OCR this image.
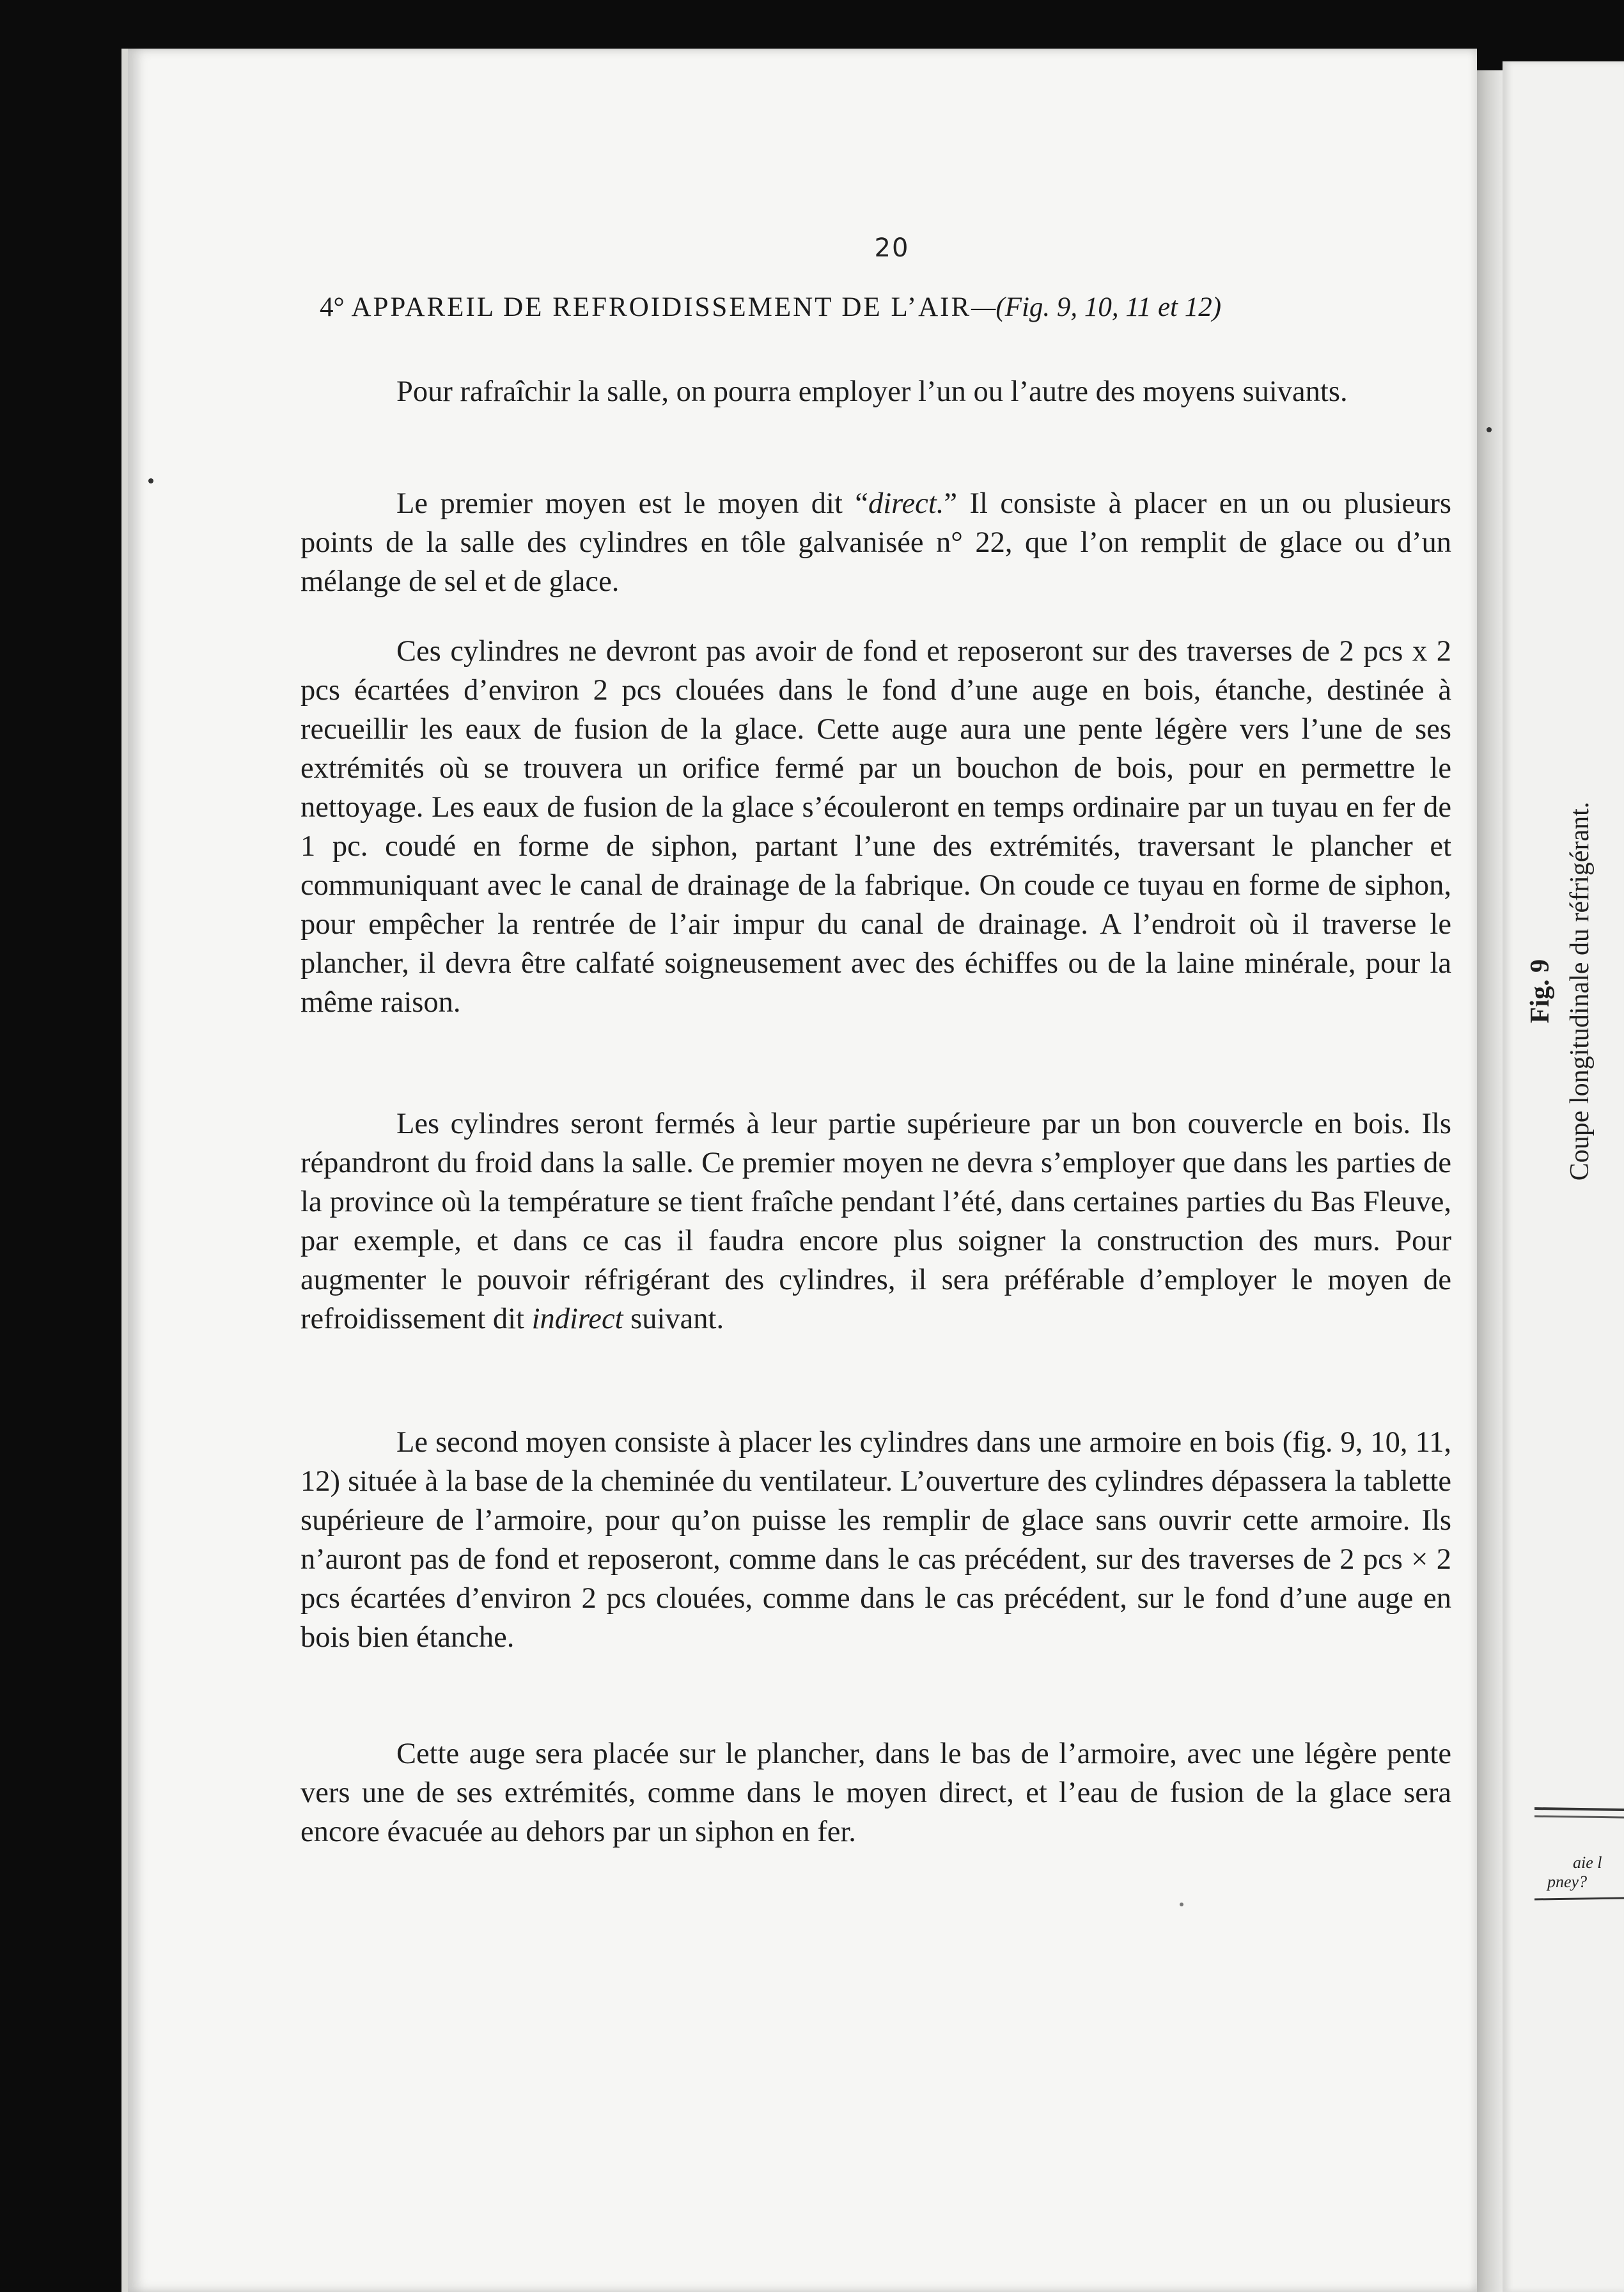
20
4° APPAREIL DE REFROIDISSEMENT DE L’AIR—(Fig. 9, 10, 11 et 12)

Pour rafraîchir la salle, on pourra employer l’un ou l’autre des moyens suivants.

Le premier moyen est le moyen dit “direct.” Il consiste à placer en un ou plusieurs points de la salle des cylindres en tôle galvanisée n° 22, que l’on remplit de glace ou d’un mélange de sel et de glace.

Ces cylindres ne devront pas avoir de fond et reposeront sur des traverses de 2 pcs x 2 pcs écartées d’environ 2 pcs clouées dans le fond d’une auge en bois, étanche, destinée à recueillir les eaux de fusion de la glace. Cette auge aura une pente légère vers l’une de ses extrémités où se trouvera un orifice fermé par un bouchon de bois, pour en permettre le nettoyage. Les eaux de fusion de la glace s’écouleront en temps ordinaire par un tuyau en fer de 1 pc. coudé en forme de siphon, partant l’une des extrémités, traversant le plancher et communiquant avec le canal de drainage de la fabrique. On coude ce tuyau en forme de siphon, pour empêcher la rentrée de l’air impur du canal de drainage. A l’endroit où il traverse le plancher, il devra être calfaté soigneusement avec des échiffes ou de la laine minérale, pour la même raison.

Les cylindres seront fermés à leur partie supérieure par un bon couvercle en bois. Ils répandront du froid dans la salle. Ce premier moyen ne devra s’employer que dans les parties de la province où la température se tient fraîche pendant l’été, dans certaines parties du Bas Fleuve, par exemple, et dans ce cas il faudra encore plus soigner la construction des murs. Pour augmenter le pouvoir réfrigérant des cylindres, il sera préférable d’employer le moyen de refroidissement dit indirect suivant.

Le second moyen consiste à placer les cylindres dans une armoire en bois (fig. 9, 10, 11, 12) située à la base de la cheminée du ventilateur. L’ouverture des cylindres dépassera la tablette supérieure de l’armoire, pour qu’on puisse les remplir de glace sans ouvrir cette armoire. Ils n’auront pas de fond et reposeront, comme dans le cas précédent, sur des traverses de 2 pcs × 2 pcs écartées d’environ 2 pcs clouées, comme dans le cas précédent, sur le fond d’une auge en bois bien étanche.

Cette auge sera placée sur le plancher, dans le bas de l’armoire, avec une légère pente vers une de ses extrémités, comme dans le moyen direct, et l’eau de fusion de la glace sera encore évacuée au dehors par un siphon en fer.

Fig. 9 Coupe longitudinale du réfrigérant.
aie l
pney?
